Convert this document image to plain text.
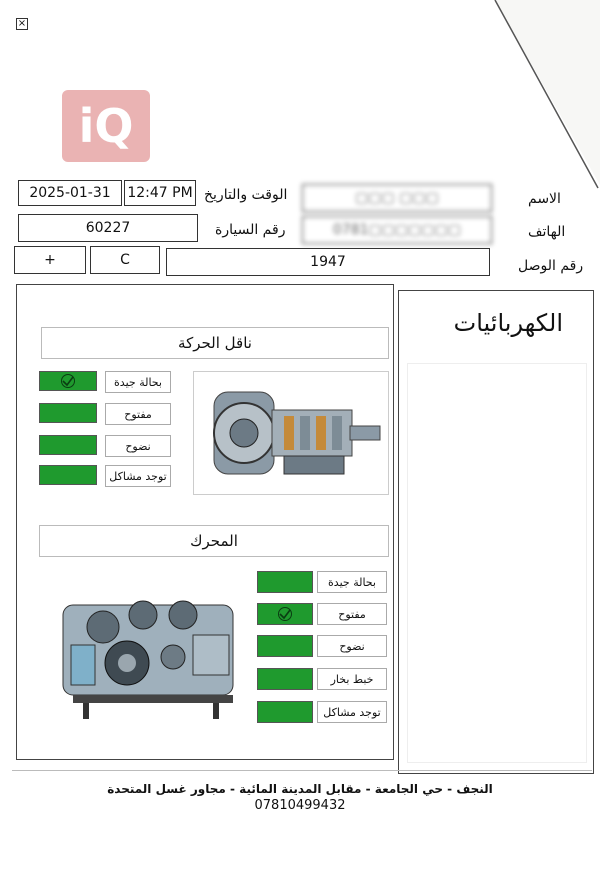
×
iQ
الاسم
▢▢▢ ▢▢▢
الوقت والتاريخ
12:47 PM
2025-01-31
الهاتف
0781▢▢▢▢▢▢▢
رقم السيارة
60227
رقم الوصل
1947
C
+
الكهربائيات
ناقل الحركة
بحالة جيدة
مفتوح
نضوح
توجد مشاكل
المحرك
بحالة جيدة
مفتوح
نضوح
خبط بخار
توجد مشاكل
النجف - حي الجامعة - مقابل المدينة المائية - مجاور غسل المتحدة
07810499432
